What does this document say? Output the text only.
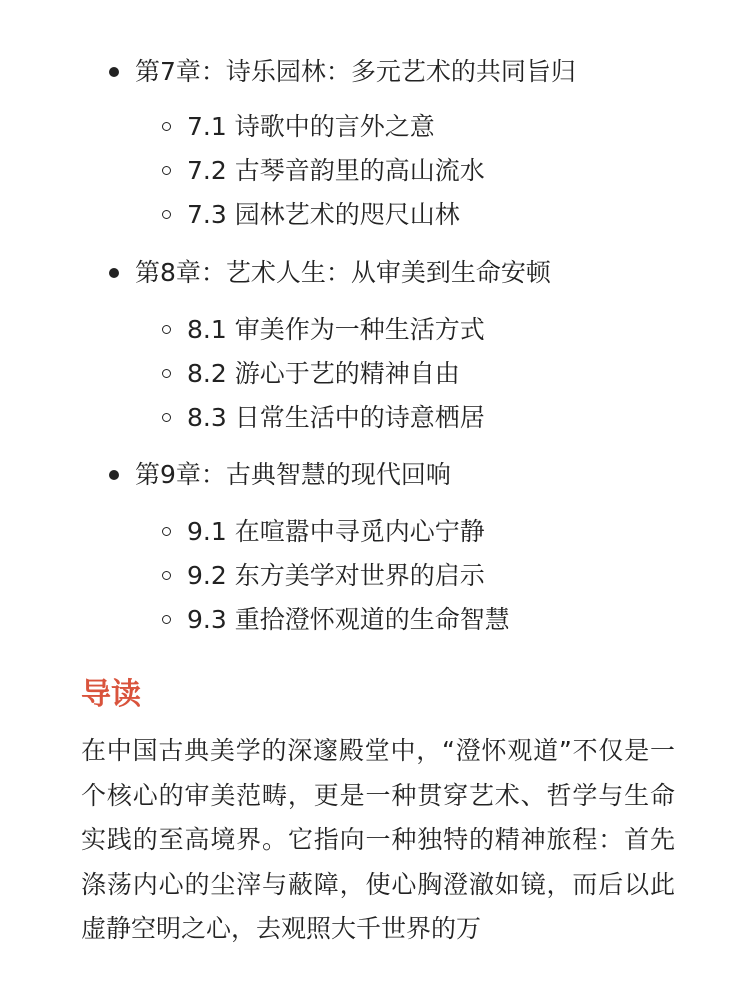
第7章：诗乐园林：多元艺术的共同旨归
7.1 诗歌中的言外之意
7.2 古琴音韵里的高山流水
7.3 园林艺术的咫尺山林
第8章：艺术人生：从审美到生命安顿
8.1 审美作为一种生活方式
8.2 游心于艺的精神自由
8.3 日常生活中的诗意栖居
第9章：古典智慧的现代回响
9.1 在喧嚣中寻觅内心宁静
9.2 东方美学对世界的启示
9.3 重拾澄怀观道的生命智慧
导读
在中国古典美学的深邃殿堂中，“澄怀观道”不仅是一个核心的审美范畴，更是一种贯穿艺术、哲学与生命实践的至高境界。它指向一种独特的精神旅程：首先涤荡内心的尘滓与蔽障，使心胸澄澈如镜，而后以此虚静空明之心，去观照大千世界的万
